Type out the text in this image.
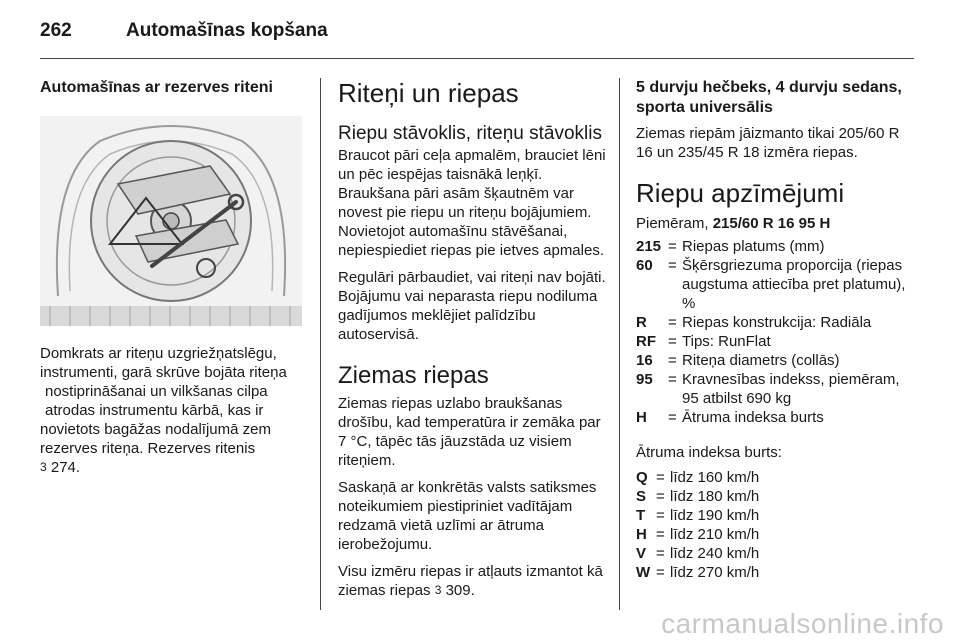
262	Automašīnas kopšana
Automašīnas ar rezerves riteni
Domkrats ar riteņu uzgriežņatslēgu,
instrumenti, garā skrūve bojāta riteņa
nostiprināšanai un vilkšanas cilpa
atrodas instrumentu kārbā, kas ir
novietots bagāžas nodalījumā zem
rezerves riteņa. Rezerves ritenis
3 274.
Riteņi un riepas
Riepu stāvoklis, riteņu stāvoklis

Braucot pāri ceļa apmalēm, brauciet lēni un pēc iespējas taisnākā leņķī. Braukšana pāri asām šķautnēm var novest pie riepu un riteņu bojājumiem. Novietojot automašīnu stāvēšanai, nepiespiediet riepas pie ietves apmales.

Regulāri pārbaudiet, vai riteņi nav bojāti. Bojājumu vai neparasta riepu nodiluma gadījumos meklējiet palīdzību autoservisā.

Ziemas riepas

Ziemas riepas uzlabo braukšanas drošību, kad temperatūra ir zemāka par 7 °C, tāpēc tās jāuzstāda uz visiem riteņiem.

Saskaņā ar konkrētās valsts satiksmes noteikumiem piestipriniet vadītājam redzamā vietā uzlīmi ar ātruma ierobežojumu.

Visu izmēru riepas ir atļauts izmantot kā ziemas riepas 3 309.

5 durvju hečbeks, 4 durvju sedans, sporta universālis

Ziemas riepām jāizmanto tikai 205/60 R 16 un 235/45 R 18 izmēra riepas.

Riepu apzīmējumi

Piemēram, 215/60 R 16 95 H

215 = Riepas platums (mm)
60	= Šķērsgriezuma proporcija (riepas augstuma attiecība pret platumu), %
R	= Riepas konstrukcija: Radiāla
RF = Tips: RunFlat
16	= Riteņa diametrs (collās)
95	= Kravnesības indekss, piemēram, 95 atbilst 690 kg
H	= Ātruma indeksa burts

Ātruma indeksa burts:

Q = līdz 160 km/h
S = līdz 180 km/h
T = līdz 190 km/h
H = līdz 210 km/h
V = līdz 240 km/h
W = līdz 270 km/h
carmanualsonline.info
